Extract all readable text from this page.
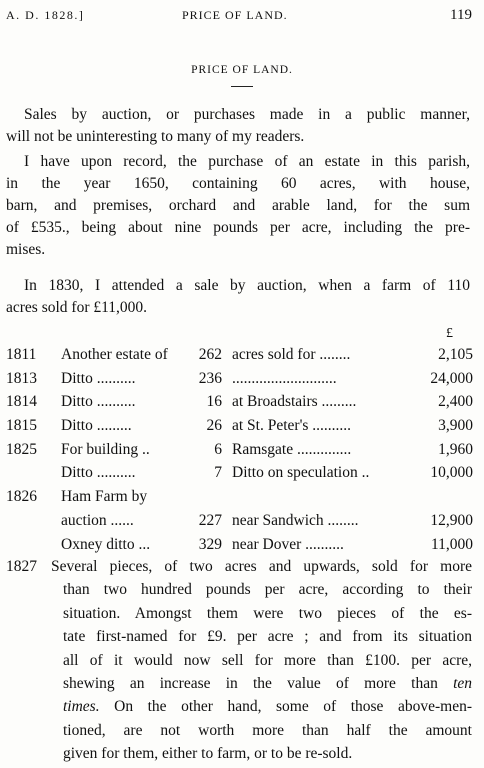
A. D. 1828.]	PRICE OF LAND.	119
PRICE OF LAND.
Sales by auction, or purchases made in a public manner,
will not be uninteresting to many of my readers.
I have upon record, the purchase of an estate in this parish,
in the year 1650, containing 60 acres, with house,
barn, and premises, orchard and arable land, for the sum
of £535., being about nine pounds per acre, including the pre-
mises.
In 1830, I attended a sale by auction, when a farm of 110
acres sold for £11,000.
£
1811 Another estate of 262 acres sold for ........	2,105
1813 Ditto ..........	236 ...........................	24,000
1814 Ditto ..........	16 at Broadstairs .........	2,400
1815 Ditto .........	26 at St. Peter's ..........	3,900
1825 For building ..	6 Ramsgate ..............	1,960
Ditto ..........	7 Ditto on speculation ..	10,000
1826 Ham Farm by
auction ......	227 near Sandwich ........	12,900
Oxney ditto ...	329 near Dover ..........	11,000
1827 Several pieces, of two acres and upwards, sold for more
than two hundred pounds per acre, according to their
situation. Amongst them were two pieces of the es-
tate first-named for £9. per acre ; and from its situation
all of it would now sell for more than £100. per acre,
shewing an increase in the value of more than ten
times. On the other hand, some of those above-men-
tioned, are not worth more than half the amount
given for them, either to farm, or to be re-sold.
